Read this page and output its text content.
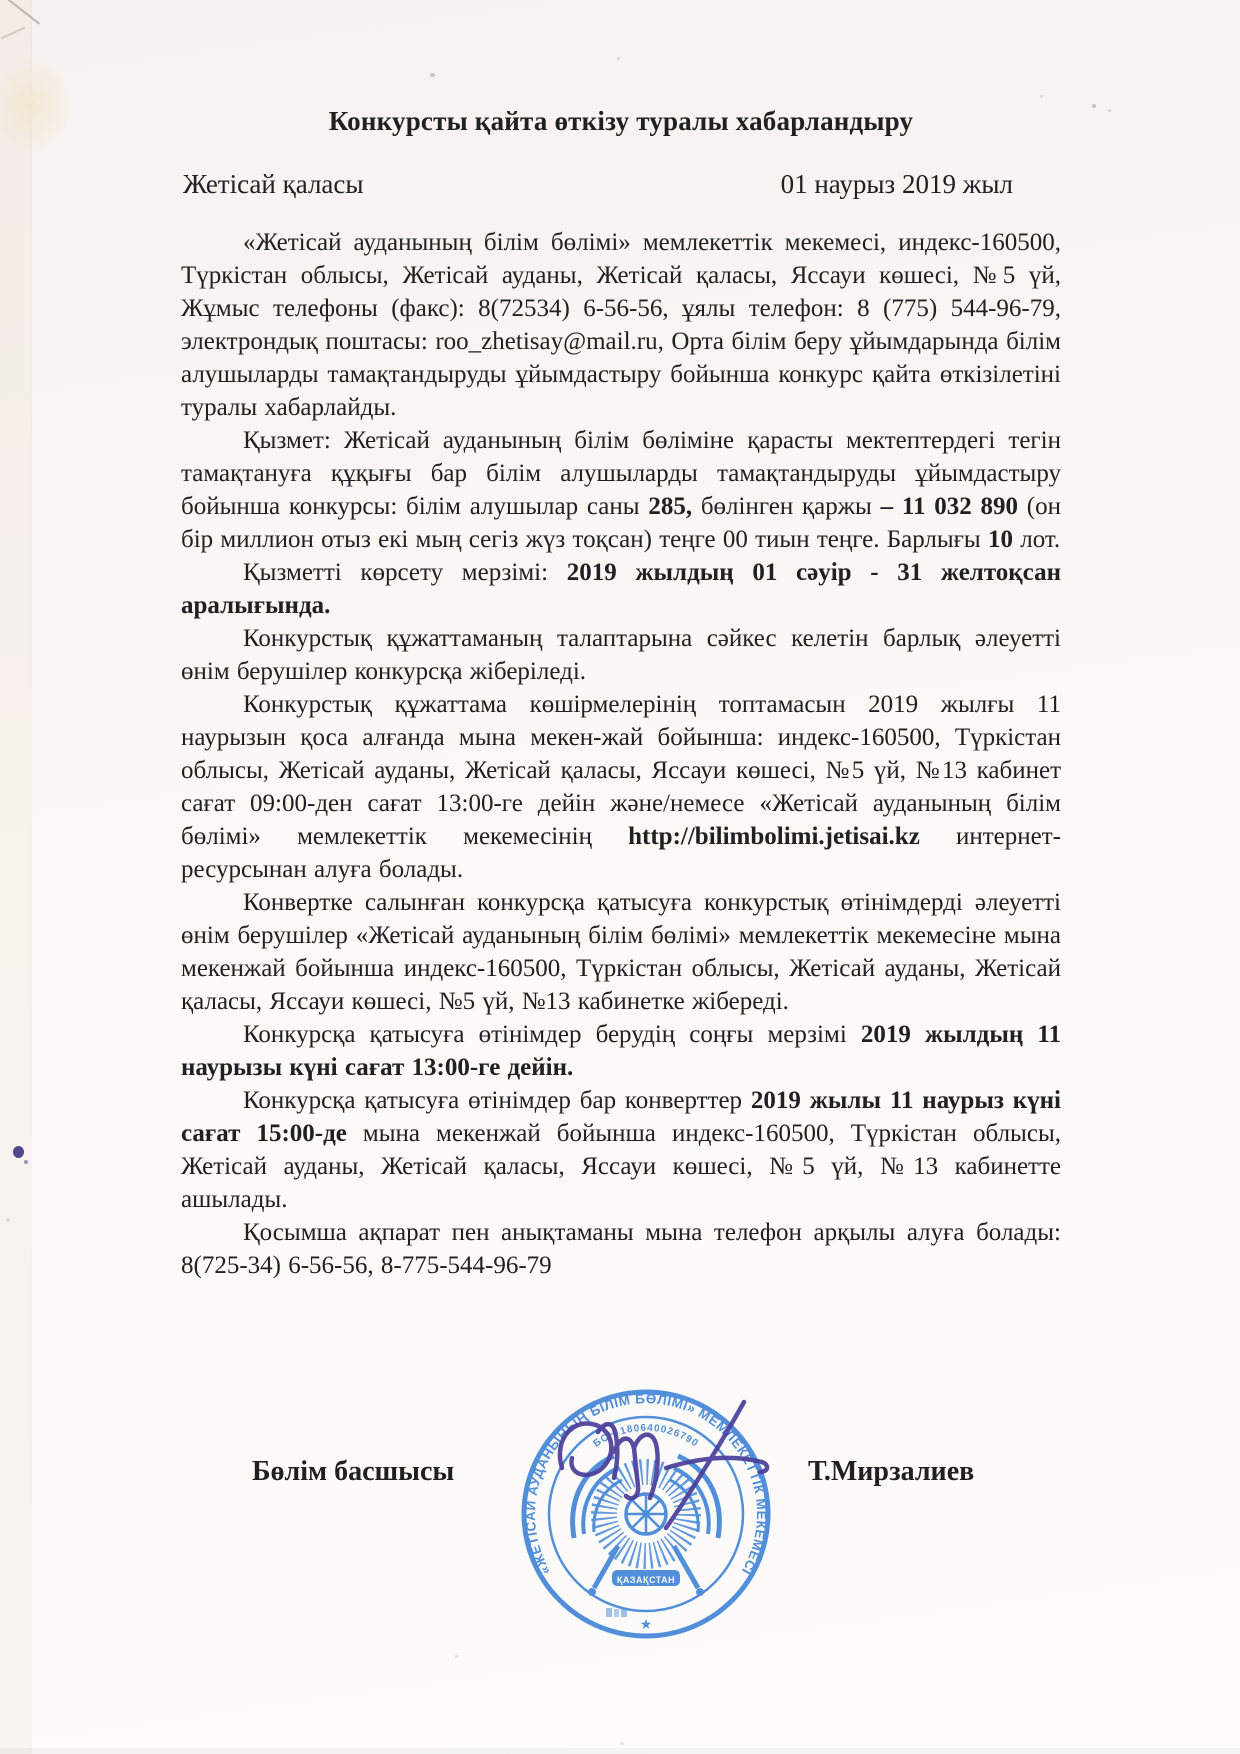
Конкурсты қайта өткізу туралы хабарландыру
Жетісай қаласы	01 наурыз 2019 жыл

«Жетісай ауданының білім бөлімі» мемлекеттік мекемесі, индекс-160500, Түркістан облысы, Жетісай ауданы, Жетісай қаласы, Яссауи көшесі, №5 үй, Жұмыс телефоны (факс): 8(72534) 6-56-56, ұялы телефон: 8 (775) 544-96-79, электрондық поштасы: roo_zhetisay@mail.ru, Орта білім беру ұйымдарында білім алушыларды тамақтандыруды ұйымдастыру бойынша конкурс қайта өткізілетіні туралы хабарлайды.

Қызмет: Жетісай ауданының білім бөліміне қарасты мектептердегі тегін тамақтануға құқығы бар білім алушыларды тамақтандыруды ұйымдастыру бойынша конкурсы: білім алушылар саны 285, бөлінген қаржы – 11 032 890 (он бір миллион отыз екі мың сегіз жүз тоқсан) теңге 00 тиын теңге. Барлығы 10 лот.

Қызметті көрсету мерзімі: 2019 жылдың 01 сәуір - 31 желтоқсан аралығында.

Конкурстық құжаттаманың талаптарына сәйкес келетін барлық әлеуетті өнім берушілер конкурсқа жіберіледі.

Конкурстық құжаттама көшірмелерінің топтамасын 2019 жылғы 11 наурызын қоса алғанда мына мекен-жай бойынша: индекс-160500, Түркістан облысы, Жетісай ауданы, Жетісай қаласы, Яссауи көшесі, №5 үй, №13 кабинет сағат 09:00-ден сағат 13:00-ге дейін және/немесе «Жетісай ауданының білім бөлімі» мемлекеттік мекемесінің http://bilimbolimi.jetisai.kz интернет-ресурсынан алуға болады.

Конвертке салынған конкурсқа қатысуға конкурстық өтінімдерді әлеуетті өнім берушілер «Жетісай ауданының білім бөлімі» мемлекеттік мекемесіне мына мекенжай бойынша индекс-160500, Түркістан облысы, Жетісай ауданы, Жетісай қаласы, Яссауи көшесі, №5 үй, №13 кабинетке жібереді.

Конкурсқа қатысуға өтінімдер берудің соңғы мерзімі 2019 жылдың 11 наурызы күні сағат 13:00-ге дейін.

Конкурсқа қатысуға өтінімдер бар конверттер 2019 жылы 11 наурыз күні сағат 15:00-де мына мекенжай бойынша индекс-160500, Түркістан облысы, Жетісай ауданы, Жетісай қаласы, Яссауи көшесі, №5 үй, №13 кабинетте ашылады.

Қосымша ақпарат пен анықтаманы мына телефон арқылы алуға болады: 8(725-34) 6-56-56, 8-775-544-96-79

Бөлім басшысы	Т.Мирзалиев
«ЖЕТІСАЙ АУДАНЫНЫҢ БІЛІМ БӨЛІМІ» МЕМЛЕКЕТТІК МЕКЕМЕСІ
БСН 180640026790
ҚАЗАҚСТАН
★
